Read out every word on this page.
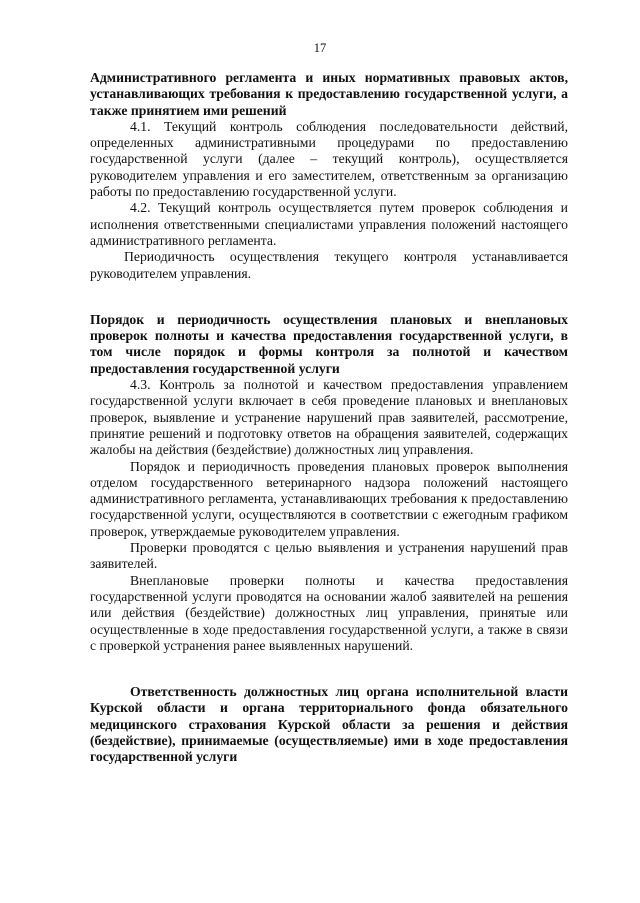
17

Административного регламента и иных нормативных правовых актов, устанавливающих требования к предоставлению государственной услуги, а также принятием ими решений

4.1. Текущий контроль соблюдения последовательности действий, определенных административными процедурами по предоставлению государственной услуги (далее – текущий контроль), осуществляется руководителем управления и его заместителем, ответственным за организацию работы по предоставлению государственной услуги.

4.2. Текущий контроль осуществляется путем проверок соблюдения и исполнения ответственными специалистами управления положений настоящего административного регламента.

Периодичность осуществления текущего контроля устанавливается руководителем управления.

Порядок и периодичность осуществления плановых и внеплановых проверок полноты и качества предоставления государственной услуги, в том числе порядок и формы контроля за полнотой и качеством предоставления государственной услуги

4.3. Контроль за полнотой и качеством предоставления управлением государственной услуги включает в себя проведение плановых и внеплановых проверок, выявление и устранение нарушений прав заявителей, рассмотрение, принятие решений и подготовку ответов на обращения заявителей, содержащих жалобы на действия (бездействие) должностных лиц управления.

Порядок и периодичность проведения плановых проверок выполнения отделом государственного ветеринарного надзора положений настоящего административного регламента, устанавливающих требования к предоставлению государственной услуги, осуществляются в соответствии с ежегодным графиком проверок, утверждаемые руководителем управления.

Проверки проводятся с целью выявления и устранения нарушений прав заявителей.

Внеплановые проверки полноты и качества предоставления государственной услуги проводятся на основании жалоб заявителей на решения или действия (бездействие) должностных лиц управления, принятые или осуществленные в ходе предоставления государственной услуги, а также в связи с проверкой устранения ранее выявленных нарушений.

Ответственность должностных лиц органа исполнительной власти Курской области и органа территориального фонда обязательного медицинского страхования Курской области за решения и действия (бездействие), принимаемые (осуществляемые) ими в ходе предоставления государственной услуги
